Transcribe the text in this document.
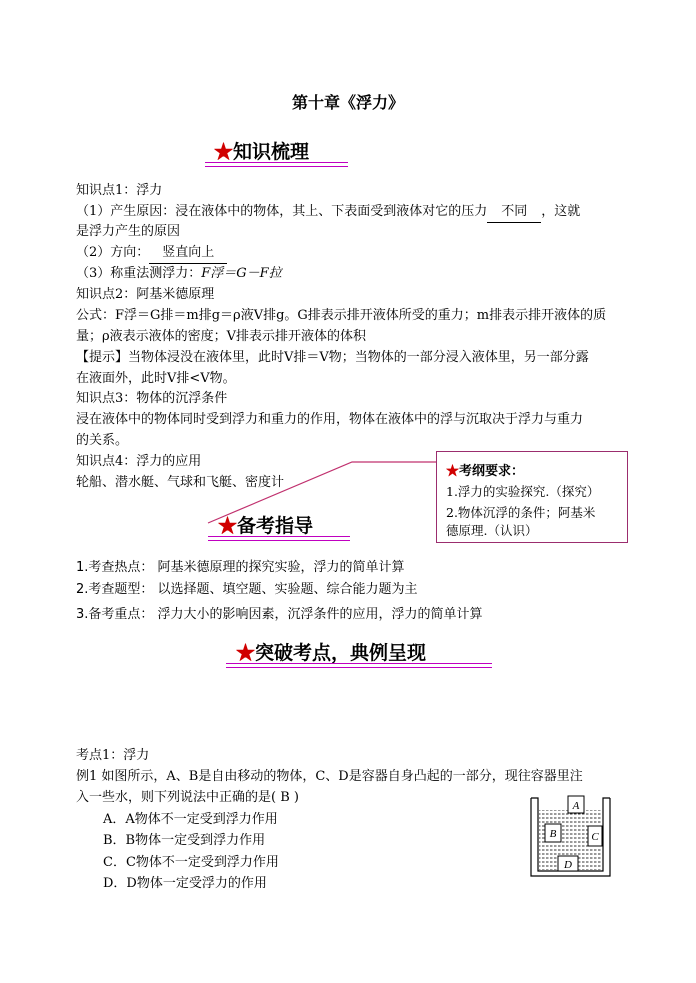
第十章《浮力》
★知识梳理
知识点1：浮力
（1）产生原因：浸在液体中的物体，其上、下表面受到液体对它的压力 不同 ，这就
是浮力产生的原因
（2）方向： 竖直向上
（3）称重法测浮力：F浮＝G－F拉
知识点2：阿基米德原理
公式：F浮＝G排＝m排g＝ρ液V排g。G排表示排开液体所受的重力；m排表示排开液体的质
量；ρ液表示液体的密度；V排表示排开液体的体积
【提示】当物体浸没在液体里，此时V排＝V物；当物体的一部分浸入液体里，另一部分露
在液面外，此时V排<V物。
知识点3：物体的沉浮条件
浸在液体中的物体同时受到浮力和重力的作用，物体在液体中的浮与沉取决于浮力与重力
的关系。
知识点4：浮力的应用
轮船、潜水艇、气球和飞艇、密度计
★考纲要求：
1.浮力的实验探究.（探究）
2.物体沉浮的条件；阿基米
德原理.（认识）
★备考指导
1.考查热点： 阿基米德原理的探究实验，浮力的简单计算
2.考查题型： 以选择题、填空题、实验题、综合能力题为主
3.备考重点： 浮力大小的影响因素，沉浮条件的应用，浮力的简单计算
★突破考点，典例呈现
考点1：浮力
例1 如图所示，A、B是自由移动的物体，C、D是容器自身凸起的一部分，现往容器里注
入一些水，则下列说法中正确的是( B )
A．A物体不一定受到浮力作用
B．B物体一定受到浮力作用
C．C物体不一定受到浮力作用
D．D物体一定受浮力的作用
A
B	C
D
